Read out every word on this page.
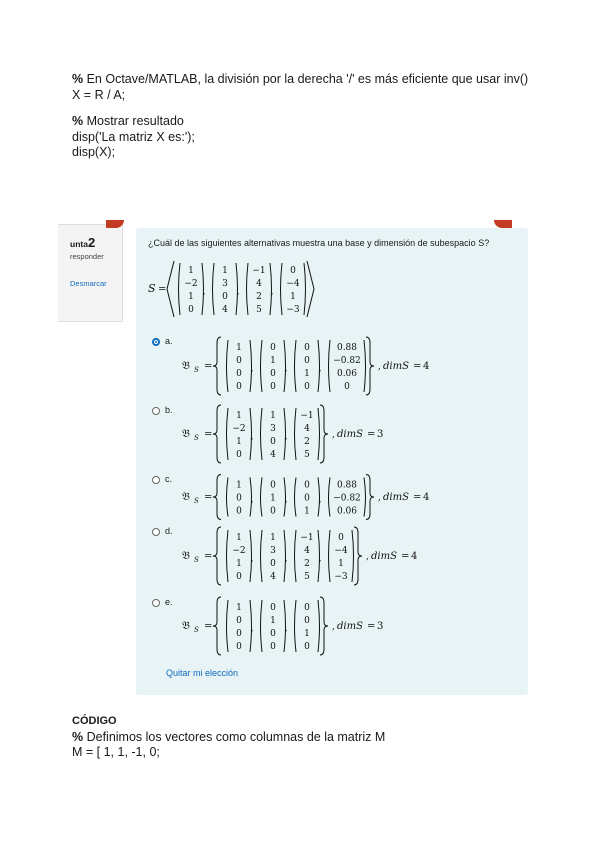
% En Octave/MATLAB, la división por la derecha '/' es más eficiente que usar inv()
X = R / A;
% Mostrar resultado
disp('La matriz X es:');
disp(X);
unta2
responder
Desmarcar
¿Cuál de las siguientes alternativas muestra una base y dimensión de subespacio S?
S =
1
−2
1
0
,
1
3
0
4
,
−1
4
2
5
,
0
−4
1
−3
a.
𝔅 S =
1
0
0
0
,
0
1
0
0
,
0
0
1
0
,
0.88
−0.82
0.06
0
, dimS = 4
b.
𝔅 S =
1
−2
1
0
,
1
3
0
4
,
−1
4
2
5
, dimS = 3
c.
𝔅 S =
1
0
0
,
0
1
0
,
0
0
1
,
0.88
−0.82
0.06
, dimS = 4
d.
𝔅 S =
1
−2
1
0
,
1
3
0
4
,
−1
4
2
5
,
0
−4
1
−3
, dimS = 4
e.
𝔅 S =
1
0
0
0
,
0
1
0
0
,
0
0
1
0
, dimS = 3
Quitar mi elección
CÓDIGO
% Definimos los vectores como columnas de la matriz M
M = [ 1, 1, -1, 0;
